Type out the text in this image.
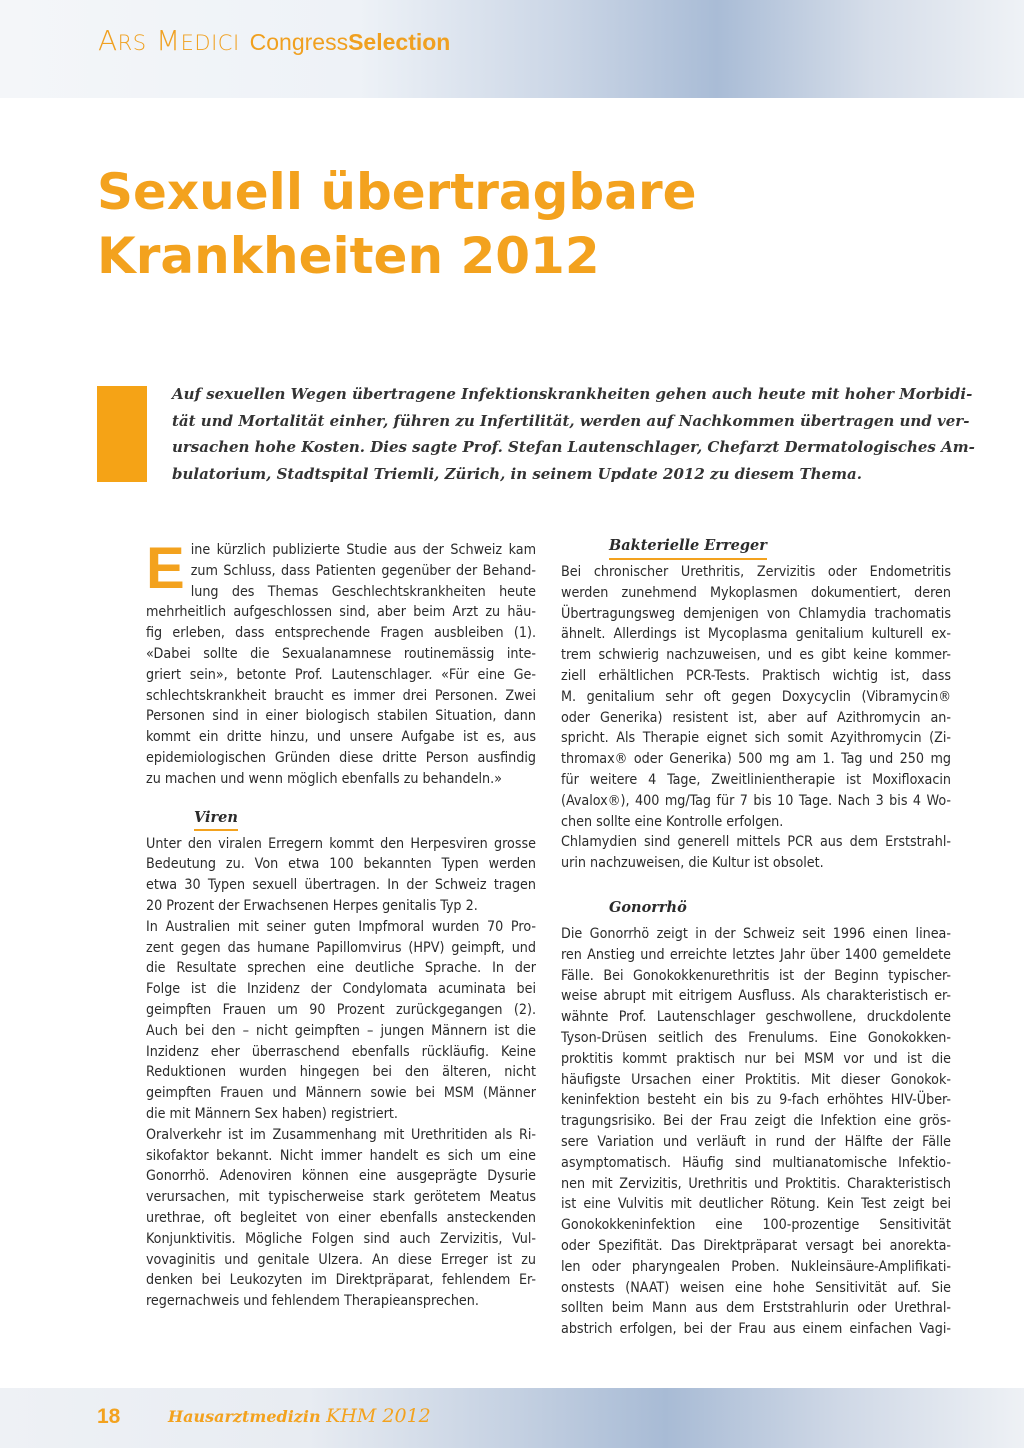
ARS MEDICI Congress Selection
Sexuell übertragbare
Krankheiten 2012
Auf sexuellen Wegen übertragene Infektionskrankheiten gehen auch heute mit hoher Morbidi-
tät und Mortalität einher, führen zu Infertilität, werden auf Nachkommen übertragen und ver-
ursachen hohe Kosten. Dies sagte Prof. Stefan Lautenschlager, Chefarzt Dermatologisches Am-
bulatorium, Stadtspital Triemli, Zürich, in seinem Update 2012 zu diesem Thema.

E ine kürzlich publizierte Studie aus der Schweiz kam
zum Schluss, dass Patienten gegenüber der Behand-
lung des Themas Geschlechtskrankheiten heute
mehrheitlich aufgeschlossen sind, aber beim Arzt zu häu-
fig erleben, dass entsprechende Fragen ausbleiben (1).
«Dabei sollte die Sexualanamnese routinemässig inte-
griert sein», betonte Prof. Lautenschlager. «Für eine Ge-
schlechtskrankheit braucht es immer drei Personen. Zwei
Personen sind in einer biologisch stabilen Situation, dann
kommt ein dritte hinzu, und unsere Aufgabe ist es, aus
epidemiologischen Gründen diese dritte Person ausfindig
zu machen und wenn möglich ebenfalls zu behandeln.»

Viren

Unter den viralen Erregern kommt den Herpesviren grosse
Bedeutung zu. Von etwa 100 bekannten Typen werden
etwa 30 Typen sexuell übertragen. In der Schweiz tragen
20 Prozent der Erwachsenen Herpes genitalis Typ 2.

In Australien mit seiner guten Impfmoral wurden 70 Pro-
zent gegen das humane Papillomvirus (HPV) geimpft, und
die Resultate sprechen eine deutliche Sprache. In der
Folge ist die Inzidenz der Condylomata acuminata bei
geimpften Frauen um 90 Prozent zurückgegangen (2).
Auch bei den – nicht geimpften – jungen Männern ist die
Inzidenz eher überraschend ebenfalls rückläufig. Keine
Reduktionen wurden hingegen bei den älteren, nicht
geimpften Frauen und Männern sowie bei MSM (Männer
die mit Männern Sex haben) registriert.

Oralverkehr ist im Zusammenhang mit Urethritiden als Ri-
sikofaktor bekannt. Nicht immer handelt es sich um eine
Gonorrhö. Adenoviren können eine ausgeprägte Dysurie
verursachen, mit typischerweise stark gerötetem Meatus
urethrae, oft begleitet von einer ebenfalls ansteckenden
Konjunktivitis. Mögliche Folgen sind auch Zervizitis, Vul-
vovaginitis und genitale Ulzera. An diese Erreger ist zu
denken bei Leukozyten im Direktpräparat, fehlendem Er-
regernachweis und fehlendem Therapieansprechen.

Bakterielle Erreger

Bei chronischer Urethritis, Zervizitis oder Endometritis
werden zunehmend Mykoplasmen dokumentiert, deren
Übertragungsweg demjenigen von Chlamydia trachomatis
ähnelt. Allerdings ist Mycoplasma genitalium kulturell ex-
trem schwierig nachzuweisen, und es gibt keine kommer-
ziell erhältlichen PCR-Tests. Praktisch wichtig ist, dass
M. genitalium sehr oft gegen Doxycyclin (Vibramycin®
oder Generika) resistent ist, aber auf Azithromycin an-
spricht. Als Therapie eignet sich somit Azyithromycin (Zi-
thromax® oder Generika) 500 mg am 1. Tag und 250 mg
für weitere 4 Tage, Zweitlinientherapie ist Moxifloxacin
(Avalox®), 400 mg/Tag für 7 bis 10 Tage. Nach 3 bis 4 Wo-
chen sollte eine Kontrolle erfolgen.

Chlamydien sind generell mittels PCR aus dem Erststrahl-
urin nachzuweisen, die Kultur ist obsolet.

Gonorrhö

Die Gonorrhö zeigt in der Schweiz seit 1996 einen linea-
ren Anstieg und erreichte letztes Jahr über 1400 gemeldete
Fälle. Bei Gonokokkenurethritis ist der Beginn typischer-
weise abrupt mit eitrigem Ausfluss. Als charakteristisch er-
wähnte Prof. Lautenschlager geschwollene, druckdolente
Tyson-Drüsen seitlich des Frenulums. Eine Gonokokken-
proktitis kommt praktisch nur bei MSM vor und ist die
häufigste Ursachen einer Proktitis. Mit dieser Gonokok-
keninfektion besteht ein bis zu 9-fach erhöhtes HIV-Über-
tragungsrisiko. Bei der Frau zeigt die Infektion eine grös-
sere Variation und verläuft in rund der Hälfte der Fälle
asymptomatisch. Häufig sind multianatomische Infektio-
nen mit Zervizitis, Urethritis und Proktitis. Charakteristisch
ist eine Vulvitis mit deutlicher Rötung. Kein Test zeigt bei
Gonokokkeninfektion eine 100-prozentige Sensitivität
oder Spezifität. Das Direktpräparat versagt bei anorekta-
len oder pharyngealen Proben. Nukleinsäure-Amplifikati-
onstests (NAAT) weisen eine hohe Sensitivität auf. Sie
sollten beim Mann aus dem Erststrahlurin oder Urethral-
abstrich erfolgen, bei der Frau aus einem einfachen Vagi-

18	Hausarztmedizin KHM 2012
